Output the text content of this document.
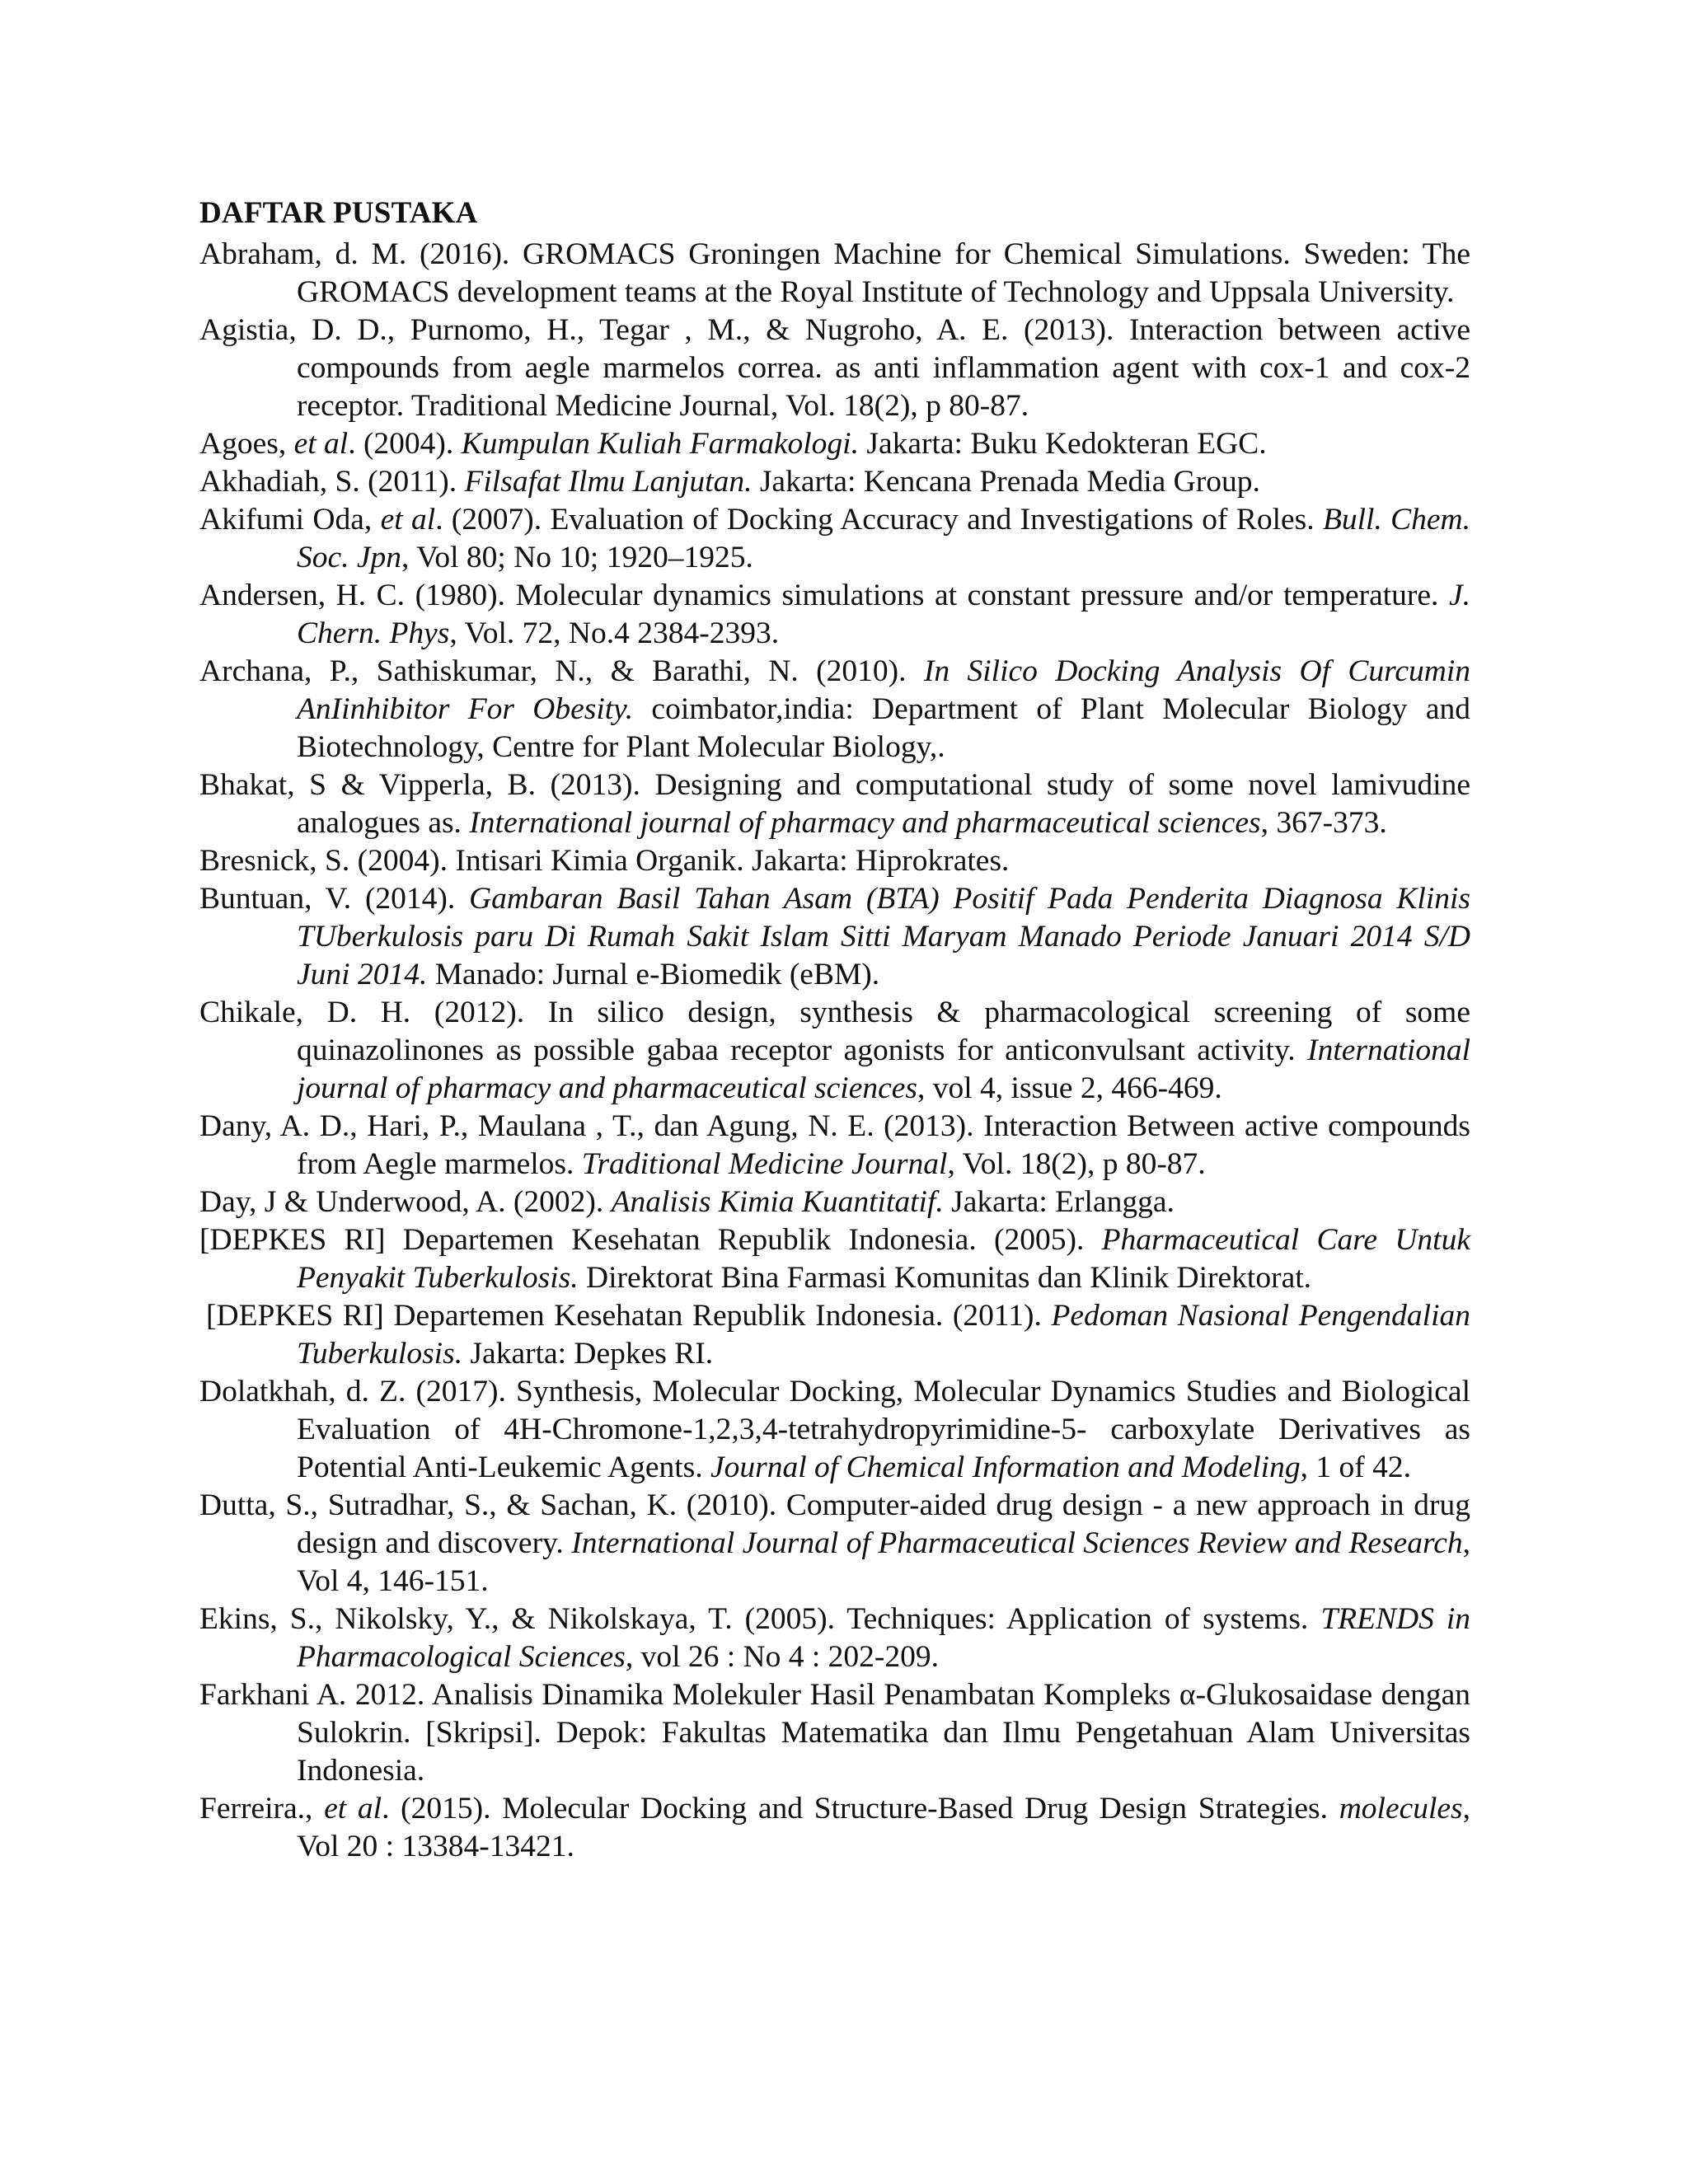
DAFTAR PUSTAKA

Abraham, d. M. (2016). GROMACS Groningen Machine for Chemical Simulations. Sweden: The GROMACS development teams at the Royal Institute of Technology and Uppsala University.

Agistia, D. D., Purnomo, H., Tegar , M., & Nugroho, A. E. (2013). Interaction between active compounds from aegle marmelos correa. as anti inflammation agent with cox-1 and cox-2 receptor. Traditional Medicine Journal, Vol. 18(2), p 80-87.

Agoes, et al. (2004). Kumpulan Kuliah Farmakologi. Jakarta: Buku Kedokteran EGC.

Akhadiah, S. (2011). Filsafat Ilmu Lanjutan. Jakarta: Kencana Prenada Media Group.

Akifumi Oda, et al. (2007). Evaluation of Docking Accuracy and Investigations of Roles. Bull. Chem. Soc. Jpn, Vol 80; No 10; 1920–1925.

Andersen, H. C. (1980). Molecular dynamics simulations at constant pressure and/or temperature. J. Chern. Phys, Vol. 72, No.4 2384-2393.

Archana, P., Sathiskumar, N., & Barathi, N. (2010). In Silico Docking Analysis Of Curcumin AnIinhibitor For Obesity. coimbator,india: Department of Plant Molecular Biology and Biotechnology, Centre for Plant Molecular Biology,.

Bhakat, S & Vipperla, B. (2013). Designing and computational study of some novel lamivudine analogues as. International journal of pharmacy and pharmaceutical sciences, 367-373.

Bresnick, S. (2004). Intisari Kimia Organik. Jakarta: Hiprokrates.

Buntuan, V. (2014). Gambaran Basil Tahan Asam (BTA) Positif Pada Penderita Diagnosa Klinis TUberkulosis paru Di Rumah Sakit Islam Sitti Maryam Manado Periode Januari 2014 S/D Juni 2014. Manado: Jurnal e-Biomedik (eBM).

Chikale, D. H. (2012). In silico design, synthesis & pharmacological screening of some quinazolinones as possible gabaa receptor agonists for anticonvulsant activity. International journal of pharmacy and pharmaceutical sciences, vol 4, issue 2, 466-469.

Dany, A. D., Hari, P., Maulana , T., dan Agung, N. E. (2013). Interaction Between active compounds from Aegle marmelos. Traditional Medicine Journal, Vol. 18(2), p 80-87.

Day, J & Underwood, A. (2002). Analisis Kimia Kuantitatif. Jakarta: Erlangga.

[DEPKES RI] Departemen Kesehatan Republik Indonesia. (2005). Pharmaceutical Care Untuk Penyakit Tuberkulosis. Direktorat Bina Farmasi Komunitas dan Klinik Direktorat.

[DEPKES RI] Departemen Kesehatan Republik Indonesia. (2011). Pedoman Nasional Pengendalian Tuberkulosis. Jakarta: Depkes RI.

Dolatkhah, d. Z. (2017). Synthesis, Molecular Docking, Molecular Dynamics Studies and Biological Evaluation of 4H-Chromone-1,2,3,4-tetrahydropyrimidine-5- carboxylate Derivatives as Potential Anti-Leukemic Agents. Journal of Chemical Information and Modeling, 1 of 42.

Dutta, S., Sutradhar, S., & Sachan, K. (2010). Computer-aided drug design - a new approach in drug design and discovery. International Journal of Pharmaceutical Sciences Review and Research, Vol 4, 146-151.

Ekins, S., Nikolsky, Y., & Nikolskaya, T. (2005). Techniques: Application of systems. TRENDS in Pharmacological Sciences, vol 26 : No 4 : 202-209.

Farkhani A. 2012. Analisis Dinamika Molekuler Hasil Penambatan Kompleks α-Glukosaidase dengan Sulokrin. [Skripsi]. Depok: Fakultas Matematika dan Ilmu Pengetahuan Alam Universitas Indonesia.

Ferreira., et al. (2015). Molecular Docking and Structure-Based Drug Design Strategies. molecules, Vol 20 : 13384-13421.
